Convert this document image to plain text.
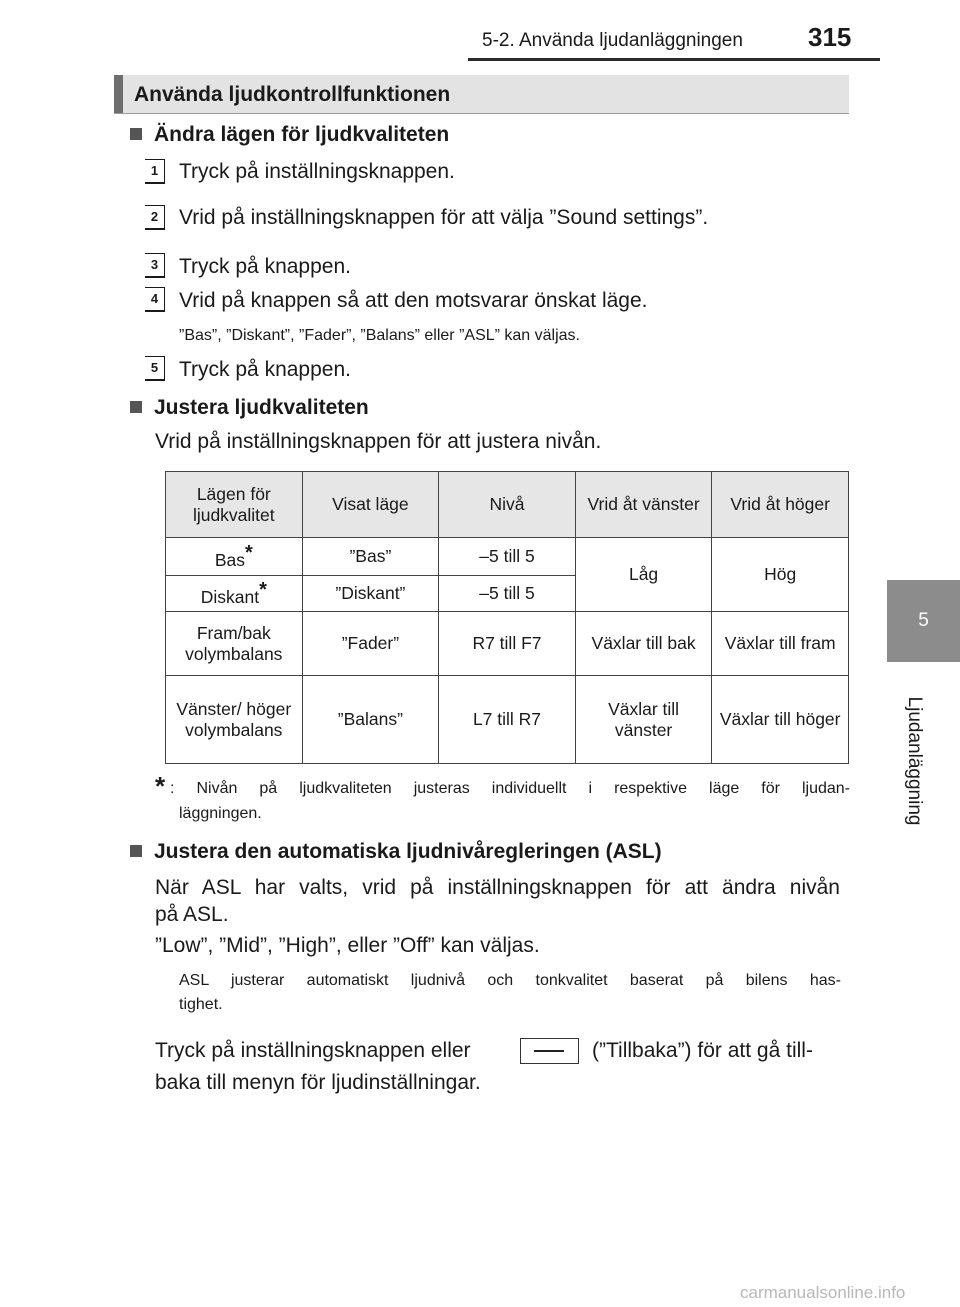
5-2. Använda ljudanläggningen	315
5
Ljudanläggning
Använda ljudkontrollfunktionen
Ändra lägen för ljudkvaliteten
1 Tryck på inställningsknappen.
2 Vrid på inställningsknappen för att välja ”Sound settings”.
3 Tryck på knappen.
4 Vrid på knappen så att den motsvarar önskat läge.
”Bas”, ”Diskant”, ”Fader”, ”Balans” eller ”ASL” kan väljas.
5 Tryck på knappen.
Justera ljudkvaliteten
Vrid på inställningsknappen för att justera nivån.
Lägen för ljudkvalitet	Visat läge	Nivå	Vrid åt vänster	Vrid åt höger
Bas*	”Bas”	–5 till 5	Låg	Hög
Diskant*	”Diskant”	–5 till 5		
Fram/bak volymbalans	”Fader”	R7 till F7	Växlar till bak	Växlar till fram
Vänster/ höger volymbalans	”Balans”	L7 till R7	Växlar till vänster	Växlar till höger
* : Nivån på ljudkvaliteten justeras individuellt i respektive läge för ljudan-
läggningen.
Justera den automatiska ljudnivåregleringen (ASL)
När ASL har valts, vrid på inställningsknappen för att ändra nivån
på ASL.
”Low”, ”Mid”, ”High”, eller ”Off” kan väljas.
ASL justerar automatiskt ljudnivå och tonkvalitet baserat på bilens has-
tighet.
Tryck på inställningsknappen eller	(”Tillbaka”) för att gå till-
baka till menyn för ljudinställningar.
carmanualsonline.info
